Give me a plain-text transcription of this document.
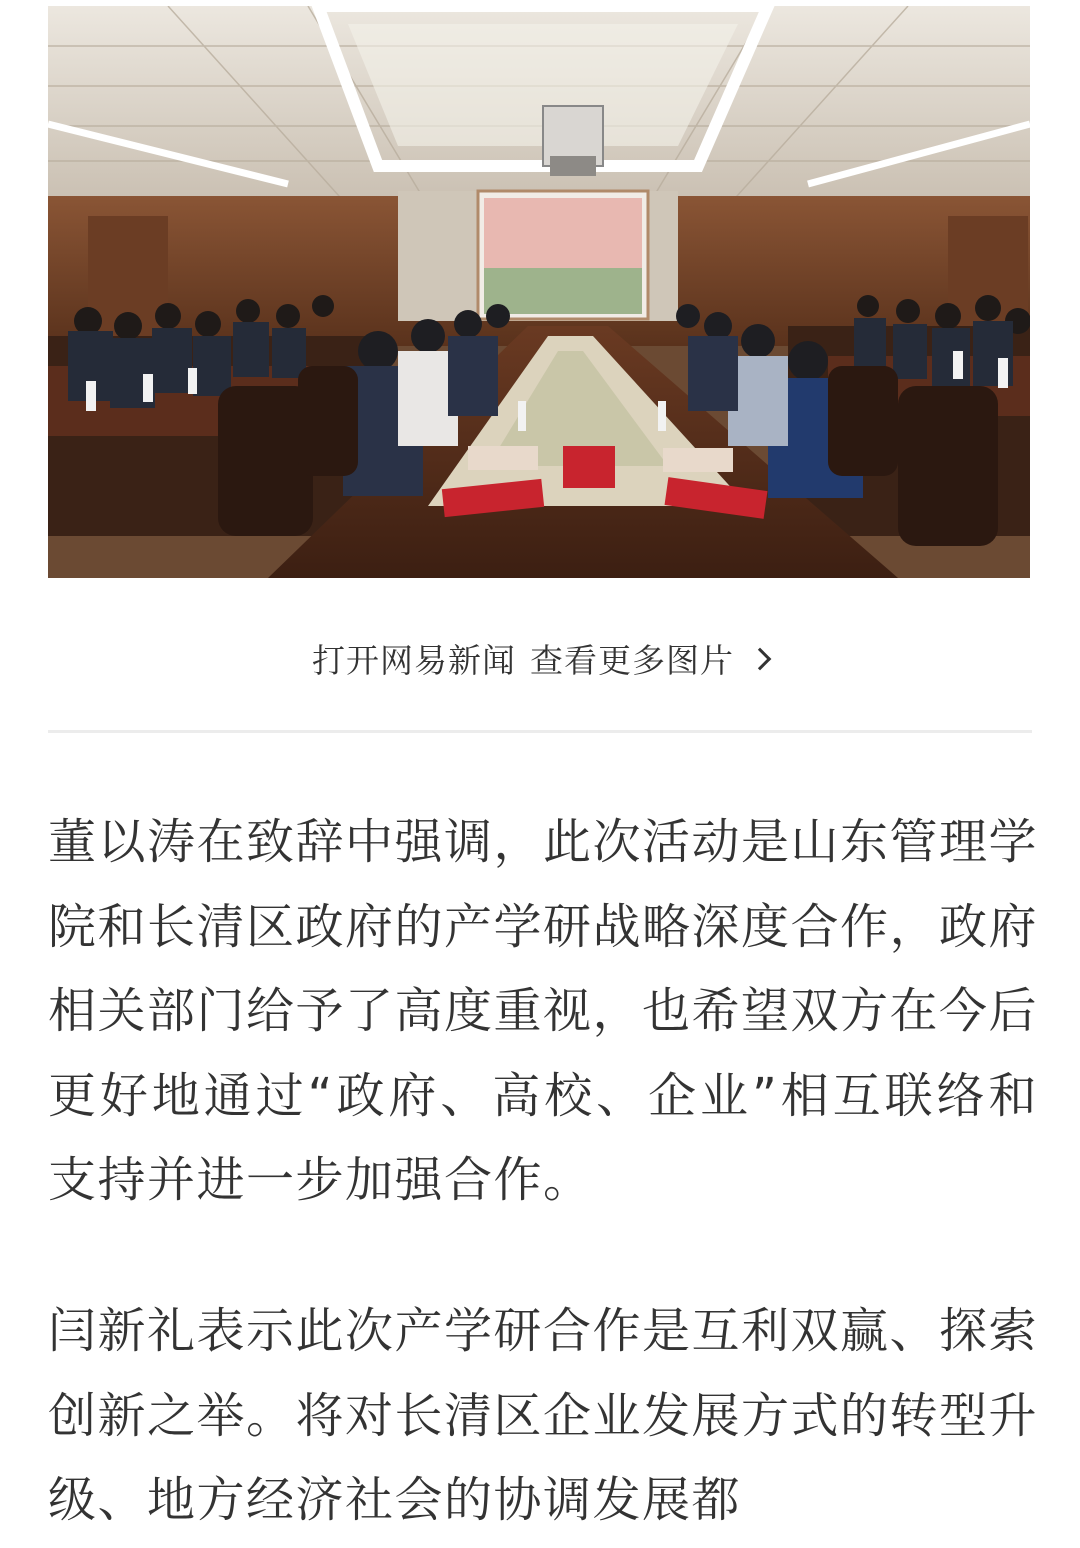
打开网易新闻 查看更多图片

董以涛在致辞中强调，此次活动是山东管理学院和长清区政府的产学研战略深度合作，政府相关部门给予了高度重视，也希望双方在今后更好地通过“政府、高校、企业”相互联络和支持并进一步加强合作。

闫新礼表示此次产学研合作是互利双赢、探索创新之举。将对长清区企业发展方式的转型升级、地方经济社会的协调发展都
